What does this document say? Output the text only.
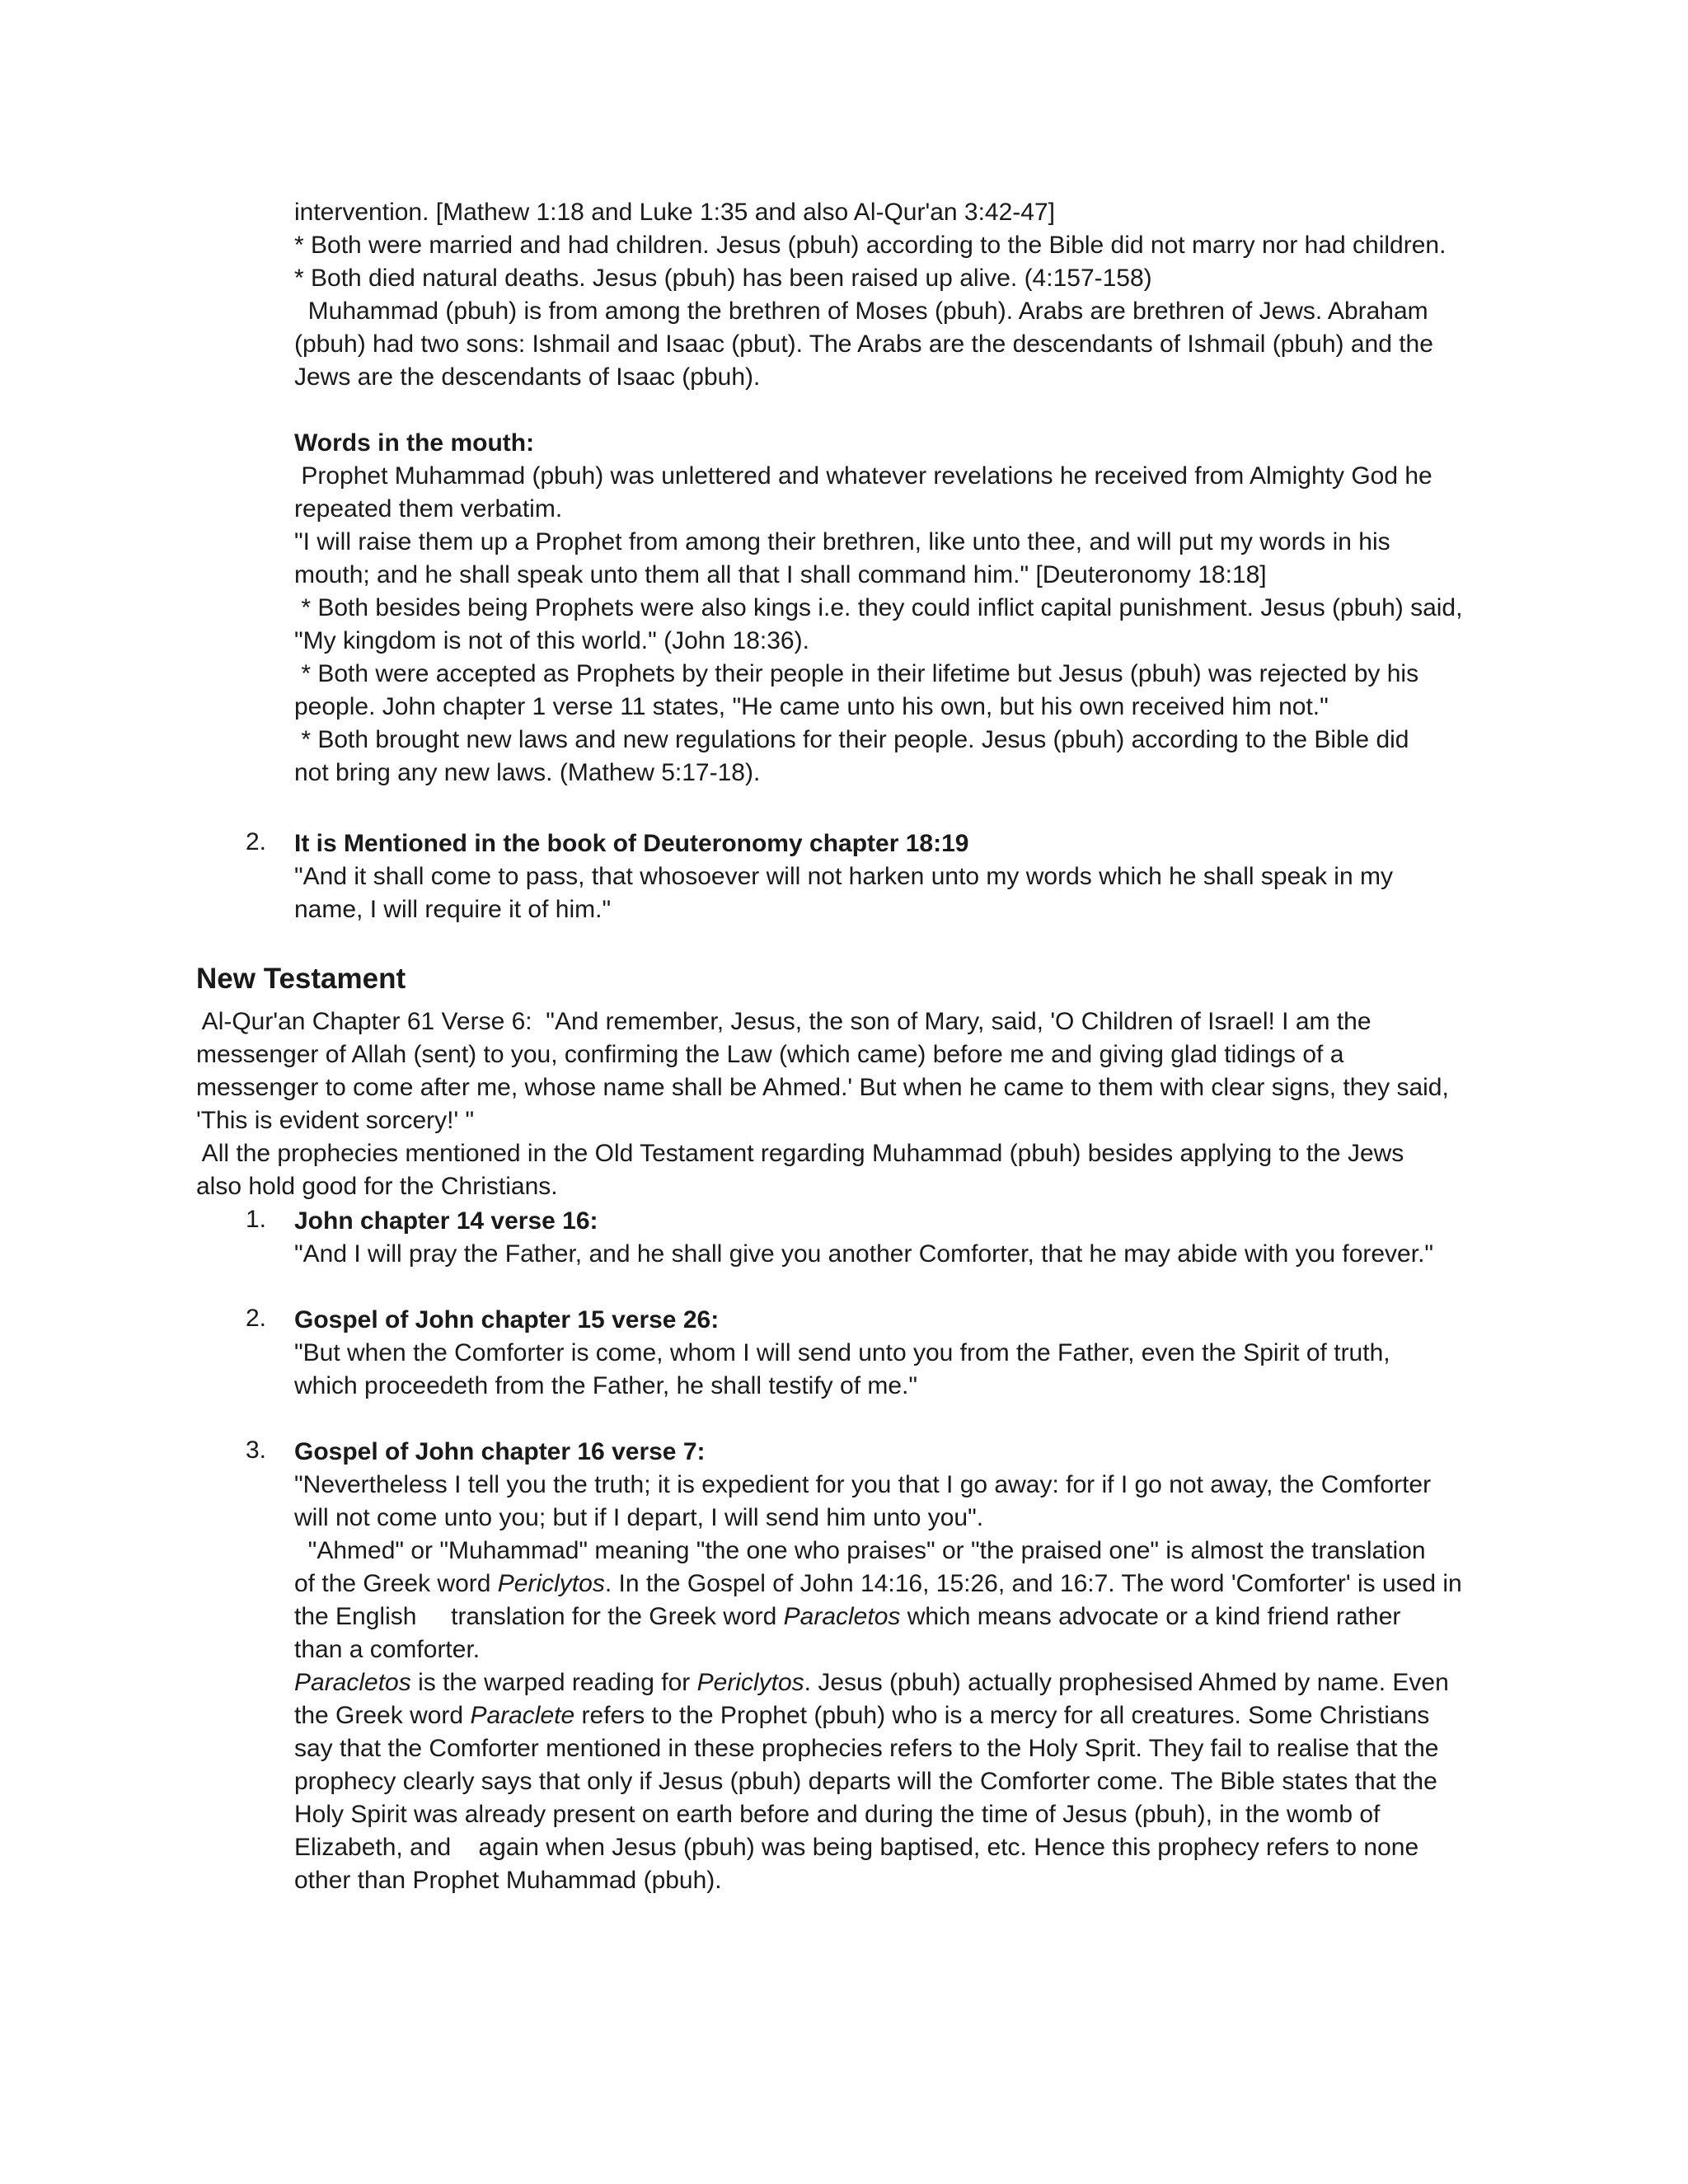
intervention. [Mathew 1:18 and Luke 1:35 and also Al-Qur'an 3:42-47]
* Both were married and had children. Jesus (pbuh) according to the Bible did not marry nor had children.
* Both died natural deaths. Jesus (pbuh) has been raised up alive. (4:157-158)
Muhammad (pbuh) is from among the brethren of Moses (pbuh). Arabs are brethren of Jews. Abraham
(pbuh) had two sons: Ishmail and Isaac (pbut). The Arabs are the descendants of Ishmail (pbuh) and the
Jews are the descendants of Isaac (pbuh).
Words in the mouth:
Prophet Muhammad (pbuh) was unlettered and whatever revelations he received from Almighty God he
repeated them verbatim.
"I will raise them up a Prophet from among their brethren, like unto thee, and will put my words in his
mouth; and he shall speak unto them all that I shall command him." [Deuteronomy 18:18]
* Both besides being Prophets were also kings i.e. they could inflict capital punishment. Jesus (pbuh) said,
"My kingdom is not of this world." (John 18:36).
* Both were accepted as Prophets by their people in their lifetime but Jesus (pbuh) was rejected by his
people. John chapter 1 verse 11 states, "He came unto his own, but his own received him not."
* Both brought new laws and new regulations for their people. Jesus (pbuh) according to the Bible did
not bring any new laws. (Mathew 5:17-18).
2. It is Mentioned in the book of Deuteronomy chapter 18:19
"And it shall come to pass, that whosoever will not harken unto my words which he shall speak in my
name, I will require it of him."
New Testament
Al-Qur'an Chapter 61 Verse 6:  "And remember, Jesus, the son of Mary, said, 'O Children of Israel! I am the
messenger of Allah (sent) to you, confirming the Law (which came) before me and giving glad tidings of a
messenger to come after me, whose name shall be Ahmed.' But when he came to them with clear signs, they said,
'This is evident sorcery!' "
All the prophecies mentioned in the Old Testament regarding Muhammad (pbuh) besides applying to the Jews
also hold good for the Christians.
1. John chapter 14 verse 16:
"And I will pray the Father, and he shall give you another Comforter, that he may abide with you forever."
2. Gospel of John chapter 15 verse 26:
"But when the Comforter is come, whom I will send unto you from the Father, even the Spirit of truth,
which proceedeth from the Father, he shall testify of me."
3. Gospel of John chapter 16 verse 7:
"Nevertheless I tell you the truth; it is expedient for you that I go away: for if I go not away, the Comforter
will not come unto you; but if I depart, I will send him unto you".
"Ahmed" or "Muhammad" meaning "the one who praises" or "the praised one" is almost the translation
of the Greek word Periclytos. In the Gospel of John 14:16, 15:26, and 16:7. The word 'Comforter' is used in
the English     translation for the Greek word Paracletos which means advocate or a kind friend rather
than a comforter.
Paracletos is the warped reading for Periclytos. Jesus (pbuh) actually prophesised Ahmed by name. Even
the Greek word Paraclete refers to the Prophet (pbuh) who is a mercy for all creatures. Some Christians
say that the Comforter mentioned in these prophecies refers to the Holy Sprit. They fail to realise that the
prophecy clearly says that only if Jesus (pbuh) departs will the Comforter come. The Bible states that the
Holy Spirit was already present on earth before and during the time of Jesus (pbuh), in the womb of
Elizabeth, and    again when Jesus (pbuh) was being baptised, etc. Hence this prophecy refers to none
other than Prophet Muhammad (pbuh).
